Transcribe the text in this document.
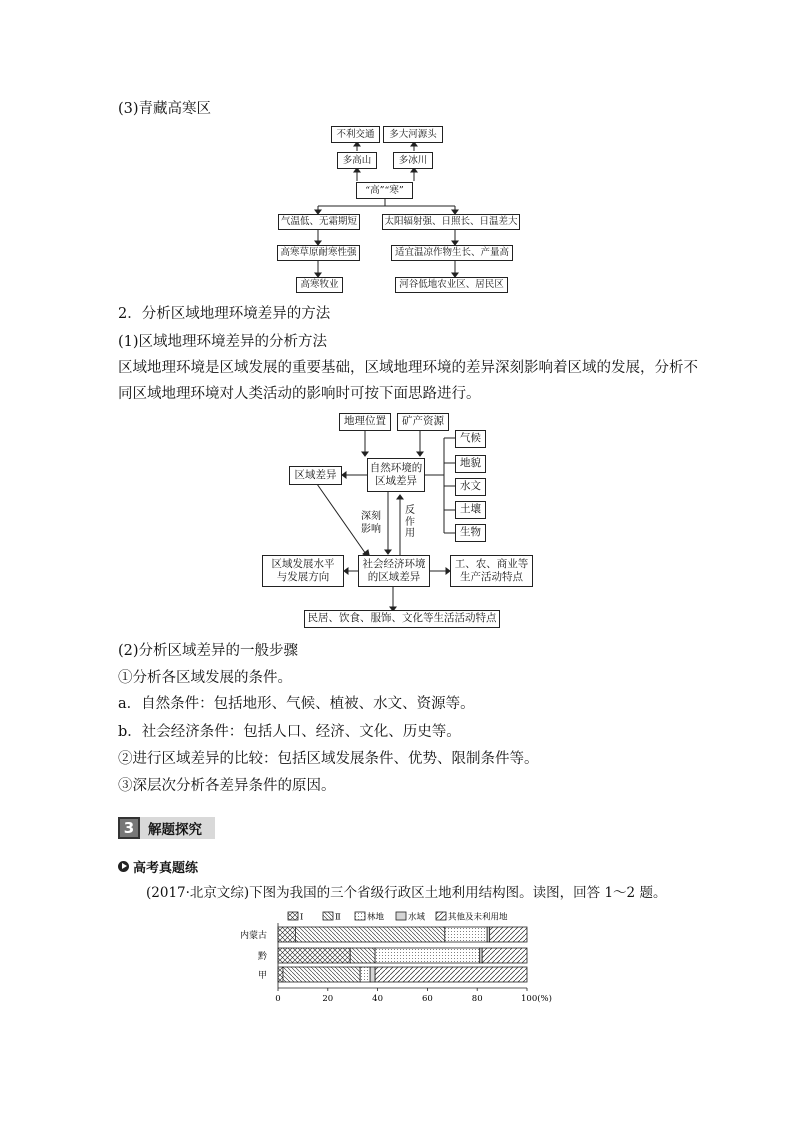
(3)青藏高寒区
不利交通	多大河源头
多高山	多冰川
“高”“寒”
气温低、无霜期短	太阳辐射强、日照长、日温差大
高寒草原耐寒性强	适宜温凉作物生长、产量高
高寒牧业	河谷低地农业区、居民区
2．分析区域地理环境差异的方法
(1)区域地理环境差异的分析方法
区域地理环境是区域发展的重要基础，区域地理环境的差异深刻影响着区域的发展，分析不
同区域地理环境对人类活动的影响时可按下面思路进行。
地理位置	矿产资源
自然环境的
区域差异
区域差异
气候
地貌
水文
土壤
生物
深刻
影响
反作用
区域发展水平
与发展方向
社会经济环境
的区域差异
工、农、商业等
生产活动特点
民居、饮食、服饰、文化等生活活动特点
(2)分析区域差异的一般步骤
①分析各区域发展的条件。
a．自然条件：包括地形、气候、植被、水文、资源等。
b．社会经济条件：包括人口、经济、文化、历史等。
②进行区域差异的比较：包括区域发展条件、优势、限制条件等。
③深层次分析各差异条件的原因。
3	解题探究
高考真题练
(2017·北京文综)下图为我国的三个省级行政区土地利用结构图。读图，回答 1～2 题。
内蒙古
黔
甲
0	20	40	60	80	100(%)
Ⅰ	Ⅱ	林地	水域	其他及未利用地
